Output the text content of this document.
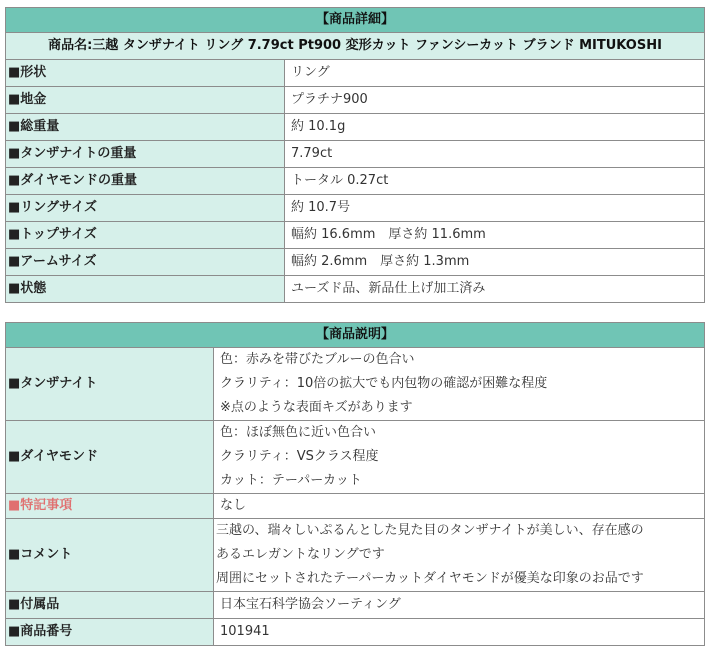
【商品詳細】	
商品名:三越 タンザナイト リング 7.79ct Pt900 変形カット ファンシーカット ブランド MITUKOSHI	
■形状	リング
■地金	プラチナ900
■総重量	約 10.1g
■タンザナイトの重量	7.79ct
■ダイヤモンドの重量	トータル 0.27ct
■リングサイズ	約 10.7号
■トップサイズ	幅約 16.6mm　厚さ約 11.6mm
■アームサイズ	幅約 2.6mm　厚さ約 1.3mm
■状態	ユーズド品、新品仕上げ加工済み
【商品説明】	
■タンザナイト	色：赤みを帯びたブルーの色合い
クラリティ：10倍の拡大でも内包物の確認が困難な程度
※点のような表面キズがあります

■ダイヤモンド	色：ほぼ無色に近い色合い
クラリティ：VSクラス程度
カット：テーパーカット

■特記事項	なし
■コメント	三越の、瑞々しいぷるんとした見た目のタンザナイトが美しい、存在感の
あるエレガントなリングです
周囲にセットされたテーパーカットダイヤモンドが優美な印象のお品です

■付属品	日本宝石科学協会ソーティング
■商品番号	101941
